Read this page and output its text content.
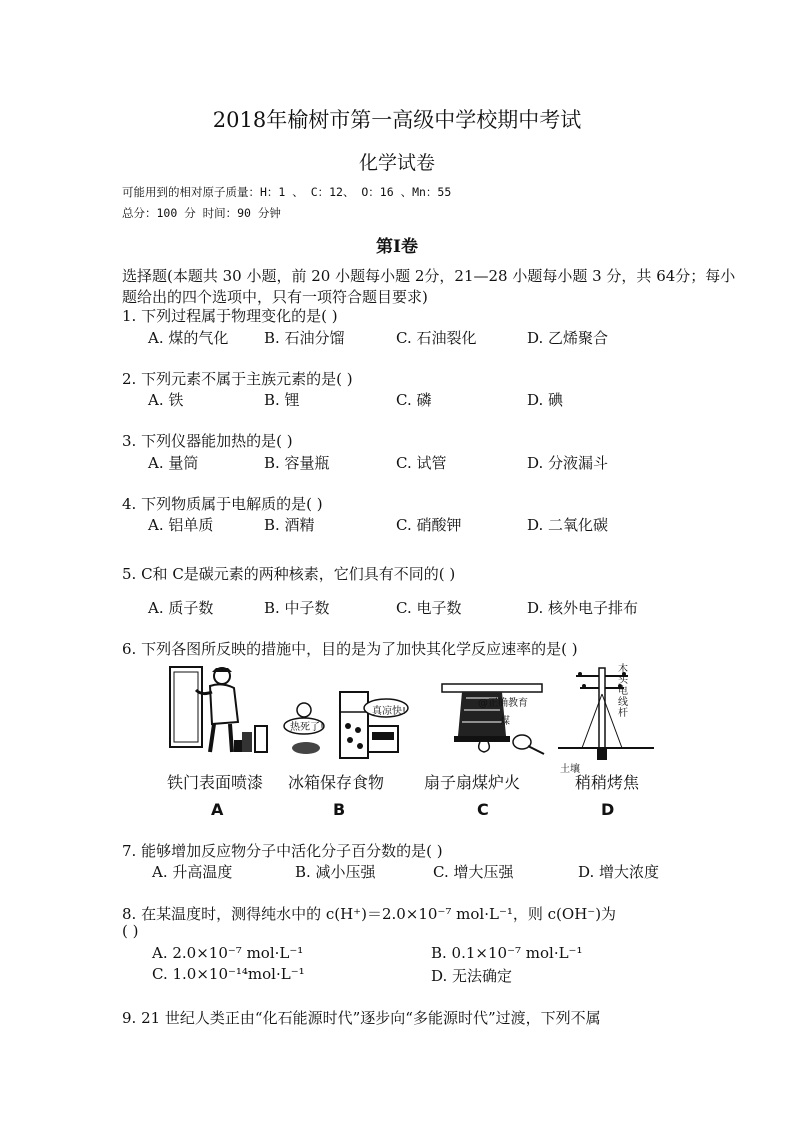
2018年榆树市第一高级中学校期中考试
化学试卷
可能用到的相对原子质量：H：1 、 C：12、 O：16 、Mn：55
总分：100 分 时间：90 分钟
第Ⅰ卷
选择题(本题共 30 小题，前 20 小题每小题 2分，21—28 小题每小题 3 分，共 64分；每小
题给出的四个选项中，只有一项符合题目要求)
1. 下列过程属于物理变化的是( )
A. 煤的气化 B. 石油分馏	C. 石油裂化	D. 乙烯聚合
2. 下列元素不属于主族元素的是( )
A. 铁	B. 锂	C. 磷	D. 碘
3. 下列仪器能加热的是( )
A. 量筒	B. 容量瓶	C. 试管	D. 分液漏斗
4. 下列物质属于电解质的是( )
A. 铝单质	B. 酒精	C. 硝酸钾	D. 二氧化碳
5. C和 C是碳元素的两种核素，它们具有不同的( )
A. 质子数	B. 中子数	C. 电子数	D. 核外电子排布
6. 下列各图所反映的措施中，目的是为了加快其化学反应速率的是( )
热死了!
真凉快!
@正确教育
煤
木
头
电
线
杆
土壤
铁门表面喷漆 冰箱保存食物 扇子扇煤炉火	稍稍烤焦
A	B	C	D
7. 能够增加反应物分子中活化分子百分数的是( )
A. 升高温度	B. 减小压强	C. 增大压强	D. 增大浓度
8. 在某温度时，测得纯水中的 c(H⁺)＝2.0×10⁻⁷ mol·L⁻¹，则 c(OH⁻)为
( )
A. 2.0×10⁻⁷ mol·L⁻¹	B. 0.1×10⁻⁷ mol·L⁻¹
C. 1.0×10⁻¹⁴mol·L⁻¹	D. 无法确定
9. 21 世纪人类正由“化石能源时代”逐步向“多能源时代”过渡，下列不属
